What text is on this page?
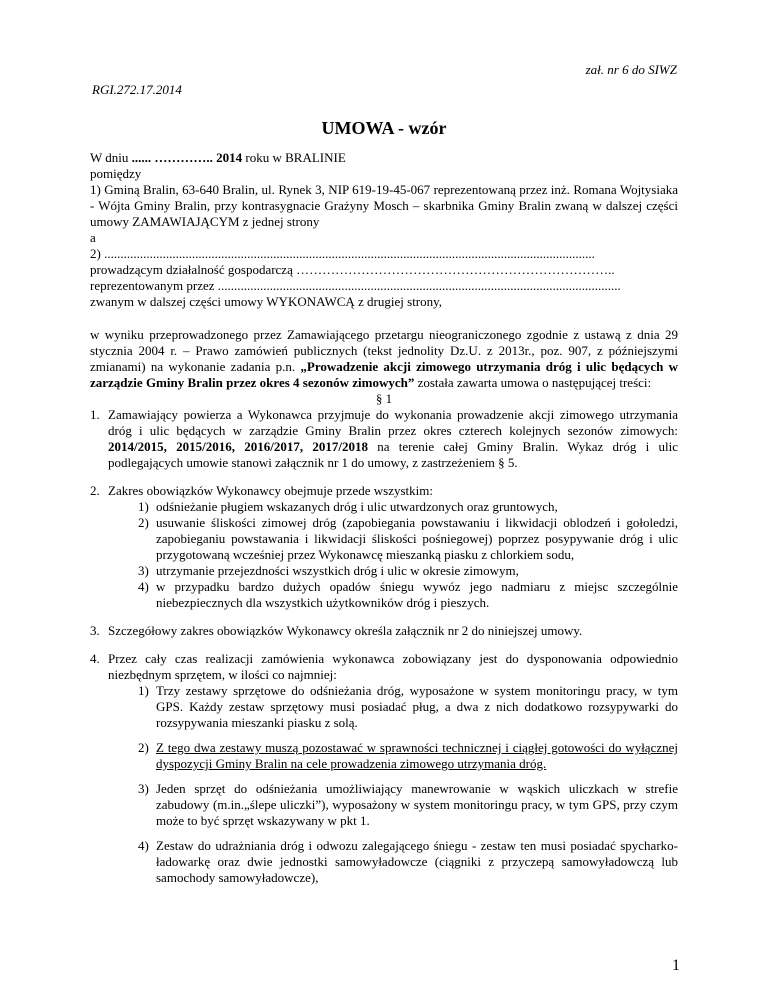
zał. nr 6 do SIWZ
RGI.272.17.2014
UMOWA - wzór

W dniu ...... ………….. 2014 roku w BRALINIE

pomiędzy

1) Gminą Bralin, 63-640 Bralin, ul. Rynek 3, NIP 619-19-45-067 reprezentowaną przez inż. Romana Wojtysiaka - Wójta Gminy Bralin, przy kontrasygnacie Grażyny Mosch – skarbnika Gminy Bralin zwaną w dalszej części umowy ZAMAWIAJĄCYM z jednej strony

a

2) .......................................................................................................................................................

prowadzącym działalność gospodarczą ………………………………………………………………..

reprezentowanym przez ............................................................................................................................

zwanym w dalszej części umowy WYKONAWCĄ z drugiej strony,

w wyniku przeprowadzonego przez Zamawiającego przetargu nieograniczonego zgodnie z ustawą z dnia 29 stycznia 2004 r. – Prawo zamówień publicznych (tekst jednolity Dz.U. z 2013r., poz. 907, z późniejszymi zmianami) na wykonanie zadania p.n. „Prowadzenie akcji zimowego utrzymania dróg i ulic będących w zarządzie Gminy Bralin przez okres 4 sezonów zimowych” została zawarta umowa o następującej treści:

§ 1

1. Zamawiający powierza a Wykonawca przyjmuje do wykonania prowadzenie akcji zimowego utrzymania dróg i ulic będących w zarządzie Gminy Bralin przez okres czterech kolejnych sezonów zimowych: 2014/2015, 2015/2016, 2016/2017, 2017/2018 na terenie całej Gminy Bralin. Wykaz dróg i ulic podlegających umowie stanowi załącznik nr 1 do umowy, z zastrzeżeniem § 5.
2. Zakres obowiązków Wykonawcy obejmuje przede wszystkim:
1) odśnieżanie pługiem wskazanych dróg i ulic utwardzonych oraz gruntowych,
2) usuwanie śliskości zimowej dróg (zapobiegania powstawaniu i likwidacji oblodzeń i gołoledzi, zapobieganiu powstawania i likwidacji śliskości pośniegowej) poprzez posypywanie dróg i ulic przygotowaną wcześniej przez Wykonawcę mieszanką piasku z chlorkiem sodu,
3) utrzymanie przejezdności wszystkich dróg i ulic w okresie zimowym,
4) w przypadku bardzo dużych opadów śniegu wywóz jego nadmiaru z miejsc szczególnie niebezpiecznych dla wszystkich użytkowników dróg i pieszych.
3. Szczegółowy zakres obowiązków Wykonawcy określa załącznik nr 2 do niniejszej umowy.
4. Przez cały czas realizacji zamówienia wykonawca zobowiązany jest do dysponowania odpowiednio niezbędnym sprzętem, w ilości co najmniej:
1) Trzy zestawy sprzętowe do odśnieżania dróg, wyposażone w system monitoringu pracy, w tym GPS. Każdy zestaw sprzętowy musi posiadać pług, a dwa z nich dodatkowo rozsypywarki do rozsypywania mieszanki piasku z solą.
2) Z tego dwa zestawy muszą pozostawać w sprawności technicznej i ciągłej gotowości do wyłącznej dyspozycji Gminy Bralin na cele prowadzenia zimowego utrzymania dróg.
3) Jeden sprzęt do odśnieżania umożliwiający manewrowanie w wąskich uliczkach w strefie zabudowy (m.in.„ślepe uliczki”), wyposażony w system monitoringu pracy, w tym GPS, przy czym może to być sprzęt wskazywany w pkt 1.
4) Zestaw do udrażniania dróg i odwozu zalegającego śniegu - zestaw ten musi posiadać spycharko-ładowarkę oraz dwie jednostki samowyładowcze (ciągniki z przyczepą samowyładowczą lub samochody samowyładowcze),
1
